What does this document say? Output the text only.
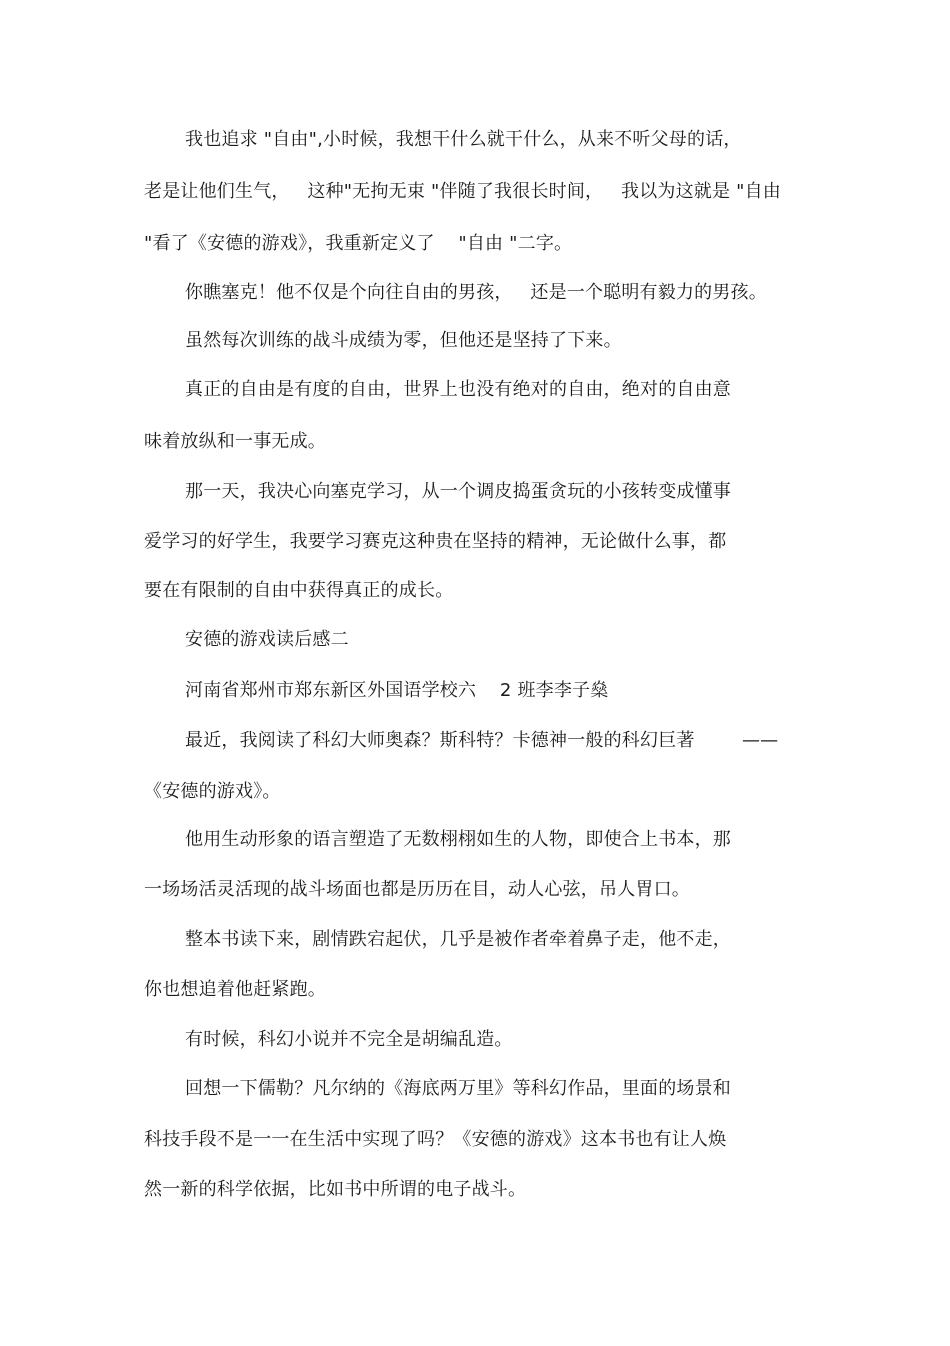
我也追求 "自由",小时候，我想干什么就干什么，从来不听父母的话，
老是让他们生气，   这种"无拘无束 "伴随了我很长时间，   我以为这就是 "自由
"看了《安德的游戏》，我重新定义了    "自由 "二字。
你瞧塞克！他不仅是个向往自由的男孩，   还是一个聪明有毅力的男孩。
虽然每次训练的战斗成绩为零，但他还是坚持了下来。
真正的自由是有度的自由，世界上也没有绝对的自由，绝对的自由意
味着放纵和一事无成。
那一天，我决心向塞克学习，从一个调皮捣蛋贪玩的小孩转变成懂事
爱学习的好学生，我要学习赛克这种贵在坚持的精神，无论做什么事，都
要在有限制的自由中获得真正的成长。
安德的游戏读后感二
河南省郑州市郑东新区外国语学校六    2 班李李子燊
最近，我阅读了科幻大师奥森？斯科特？卡德神一般的科幻巨著        ——
《安德的游戏》。
他用生动形象的语言塑造了无数栩栩如生的人物，即使合上书本，那
一场场活灵活现的战斗场面也都是历历在目，动人心弦，吊人胃口。
整本书读下来，剧情跌宕起伏，几乎是被作者牵着鼻子走，他不走，
你也想追着他赶紧跑。
有时候，科幻小说并不完全是胡编乱造。
回想一下儒勒？凡尔纳的《海底两万里》等科幻作品，里面的场景和
科技手段不是一一在生活中实现了吗？《安德的游戏》这本书也有让人焕
然一新的科学依据，比如书中所谓的电子战斗。
